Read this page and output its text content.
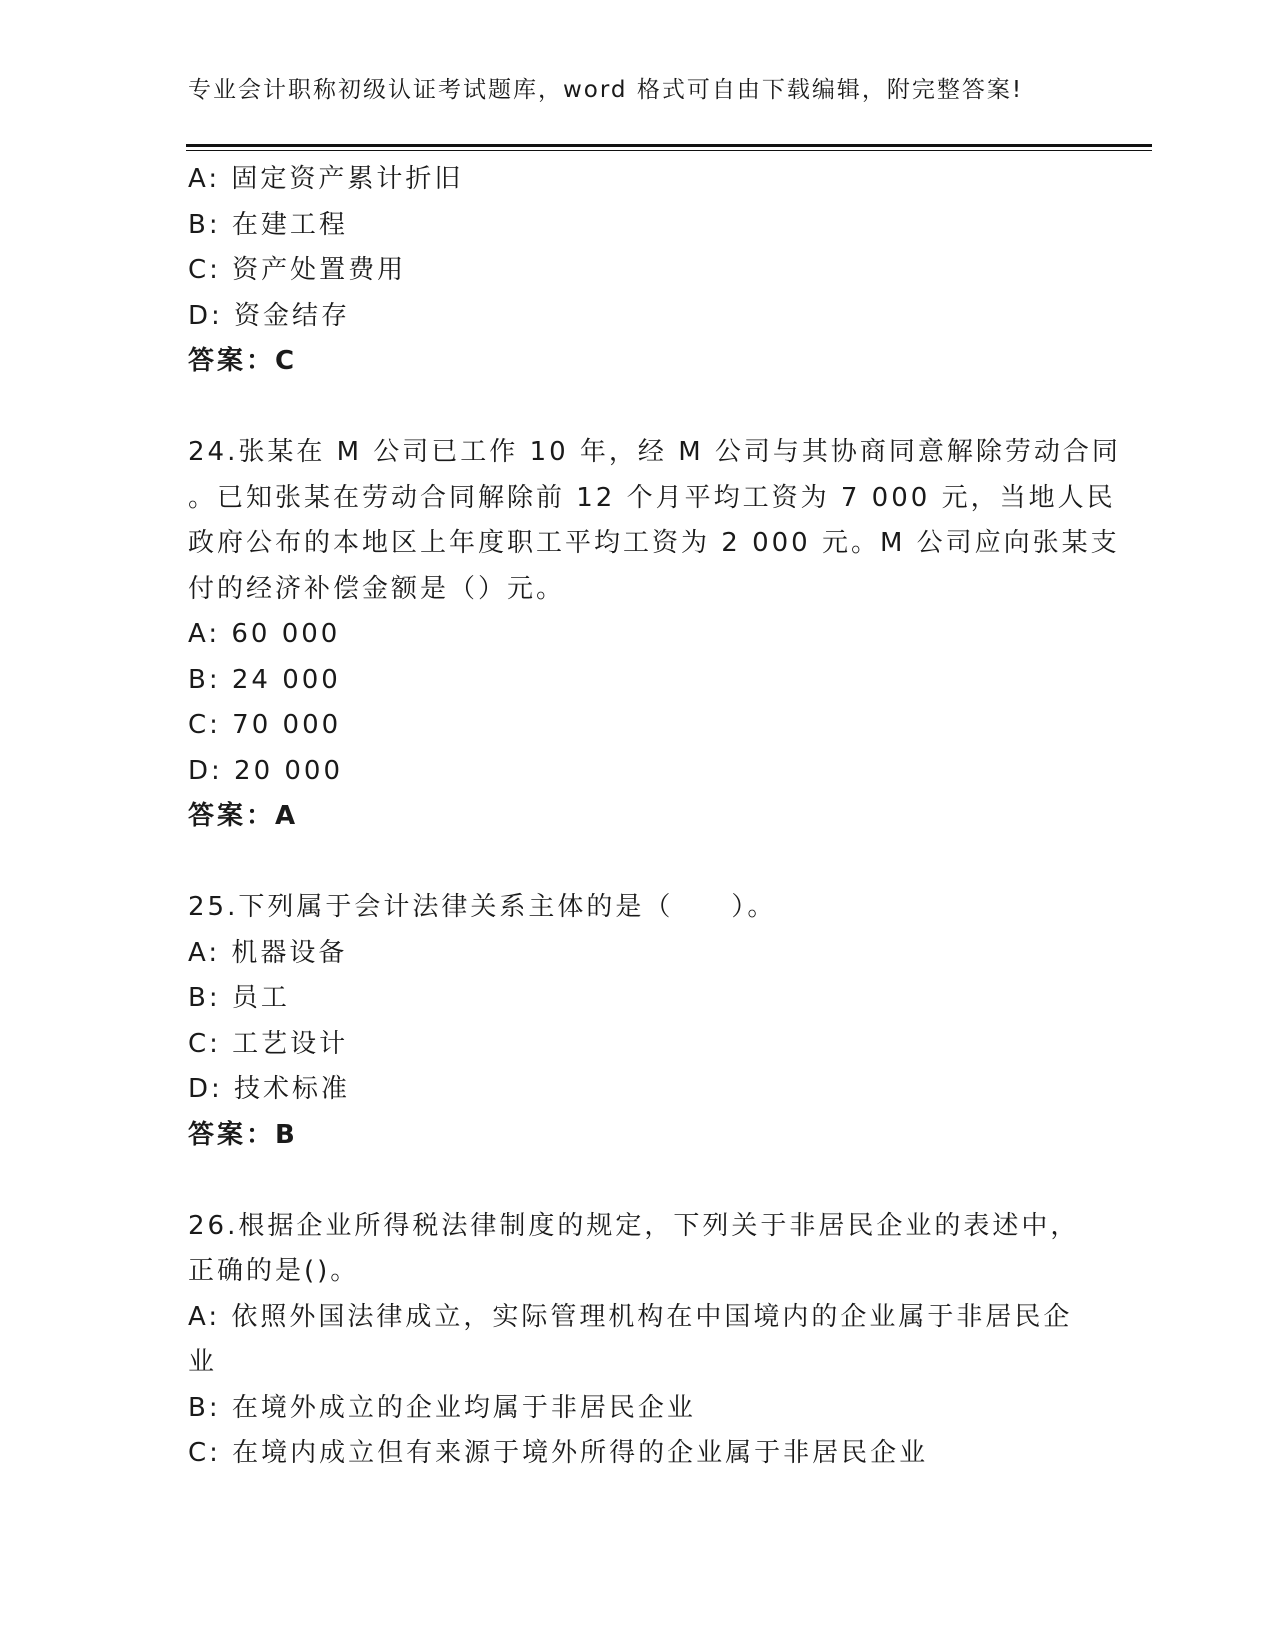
专业会计职称初级认证考试题库，word 格式可自由下载编辑，附完整答案!
A: 固定资产累计折旧
B: 在建工程
C: 资产处置费用
D: 资金结存
答案：C
24.张某在 M 公司已工作 10 年，经 M 公司与其协商同意解除劳动合同
。已知张某在劳动合同解除前 12 个月平均工资为 7 000 元，当地人民
政府公布的本地区上年度职工平均工资为 2 000 元。M 公司应向张某支
付的经济补偿金额是（）元。
A: 60 000
B: 24 000
C: 70 000
D: 20 000
答案：A
25.下列属于会计法律关系主体的是（　　）。
A: 机器设备
B: 员工
C: 工艺设计
D: 技术标准
答案：B
26.根据企业所得税法律制度的规定，下列关于非居民企业的表述中，
正确的是()。
A: 依照外国法律成立，实际管理机构在中国境内的企业属于非居民企
业
B: 在境外成立的企业均属于非居民企业
C: 在境内成立但有来源于境外所得的企业属于非居民企业
